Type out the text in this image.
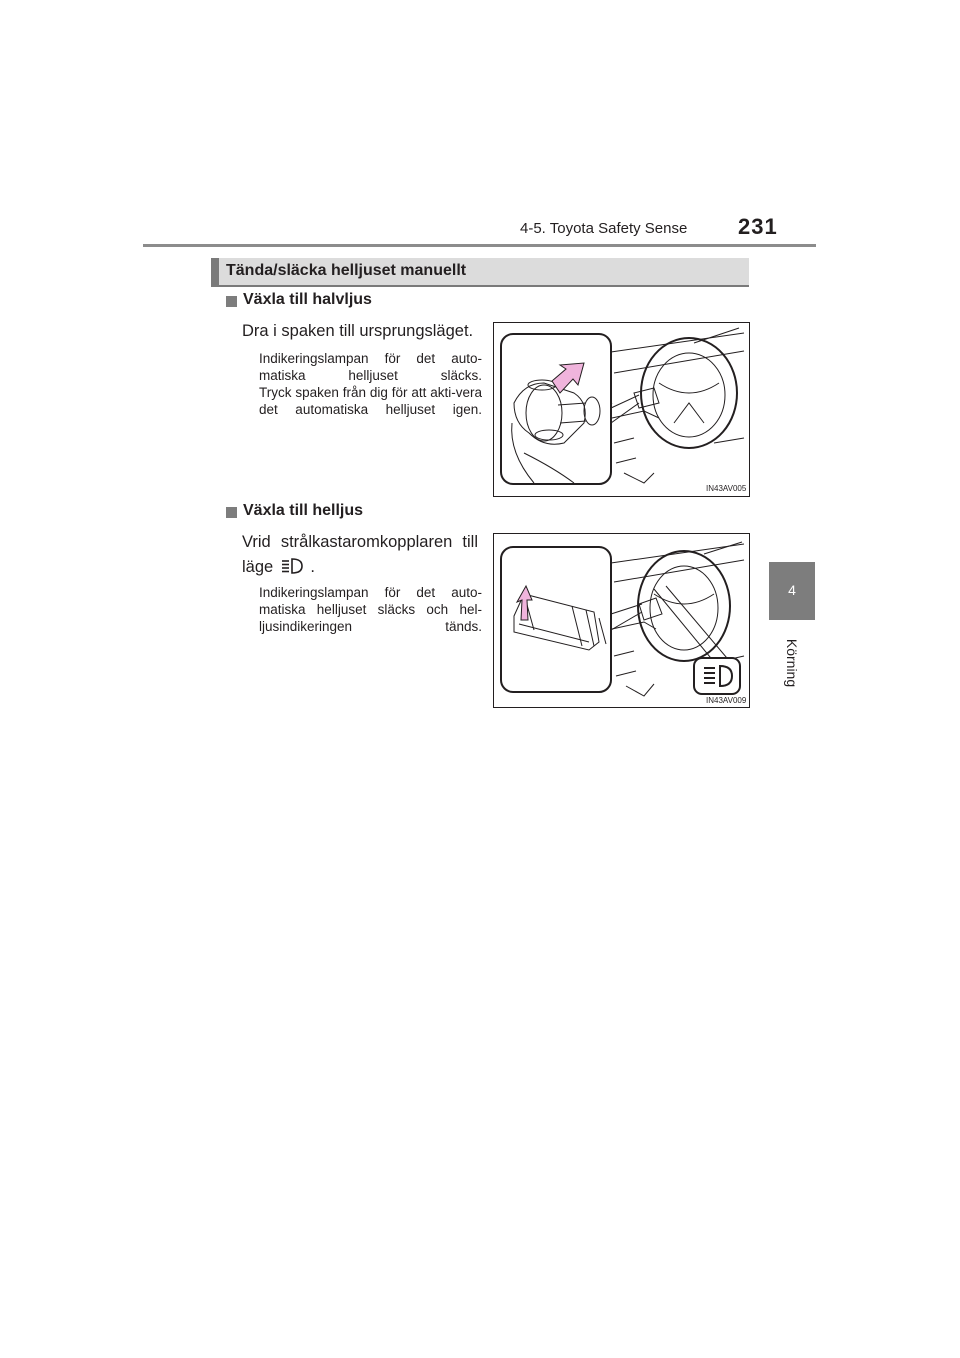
4-5. Toyota Safety Sense 231
4
Körning
Tända/släcka helljuset manuellt
Växla till halvljus
Dra i spaken till ursprungsläget.
Indikeringslampan för det auto-matiska helljuset släcks.
Tryck spaken från dig för att akti-vera det automatiska helljuset igen.
IN43AV005
Växla till helljus
Vrid strålkastaromkopplaren till
läge .
Indikeringslampan för det auto-matiska helljuset släcks och hel-ljusindikeringen tänds.
IN43AV009
